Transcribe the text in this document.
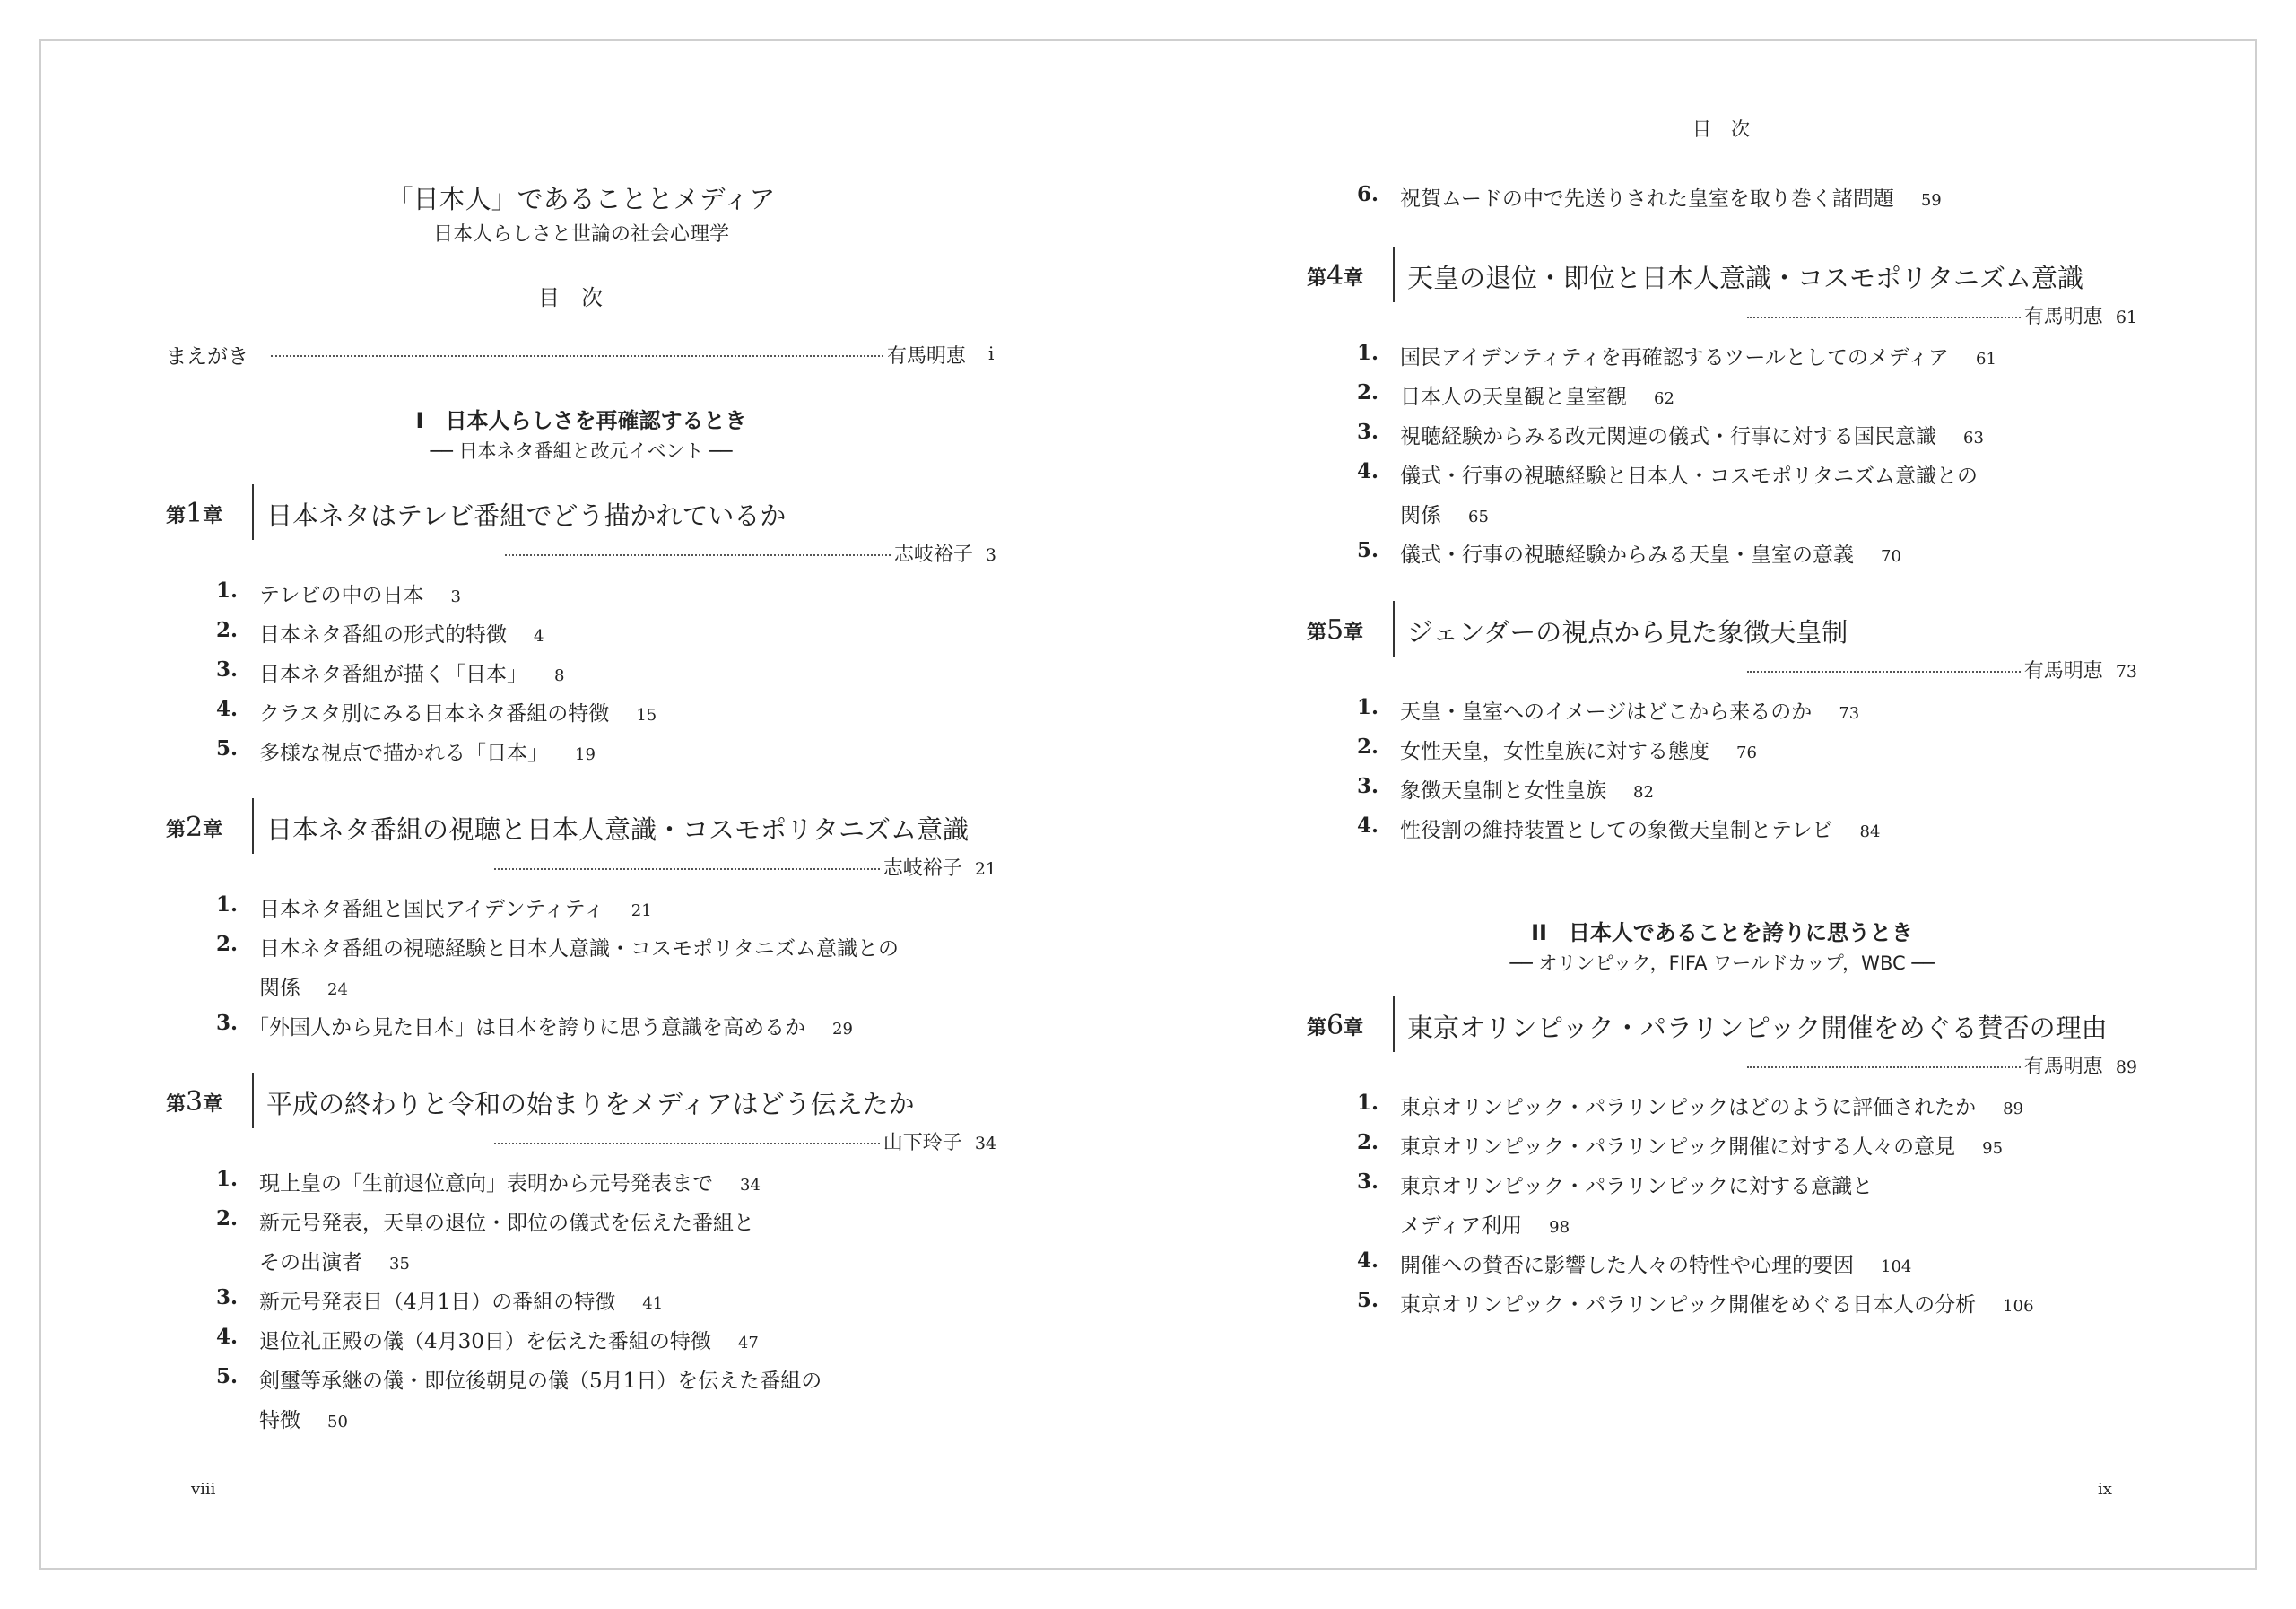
「日本人」であることとメディア
日本人らしさと世論の社会心理学
目次
まえがき	有馬明恵 i
I　日本人らしさを再確認するとき
── 日本ネタ番組と改元イベント ──
第1章 日本ネタはテレビ番組でどう描かれているか
志岐裕子 3
1. テレビの中の日本 3
2. 日本ネタ番組の形式的特徴 4
3. 日本ネタ番組が描く「日本」 8
4. クラスタ別にみる日本ネタ番組の特徴 15
5. 多様な視点で描かれる「日本」 19
第2章 日本ネタ番組の視聴と日本人意識・コスモポリタニズム意識
志岐裕子 21
1. 日本ネタ番組と国民アイデンティティ 21
2. 日本ネタ番組の視聴経験と日本人意識・コスモポリタニズム意識との
関係 24
3. 「外国人から見た日本」は日本を誇りに思う意識を高めるか 29
第3章 平成の終わりと令和の始まりをメディアはどう伝えたか
山下玲子 34
1. 現上皇の「生前退位意向」表明から元号発表まで 34
2. 新元号発表，天皇の退位・即位の儀式を伝えた番組と
その出演者 35
3. 新元号発表日（4月1日）の番組の特徴 41
4. 退位礼正殿の儀（4月30日）を伝えた番組の特徴 47
5. 剣璽等承継の儀・即位後朝見の儀（5月1日）を伝えた番組の
特徴 50
viii
目次
6. 祝賀ムードの中で先送りされた皇室を取り巻く諸問題 59
第4章 天皇の退位・即位と日本人意識・コスモポリタニズム意識
有馬明恵 61
1. 国民アイデンティティを再確認するツールとしてのメディア 61
2. 日本人の天皇観と皇室観 62
3. 視聴経験からみる改元関連の儀式・行事に対する国民意識 63
4. 儀式・行事の視聴経験と日本人・コスモポリタニズム意識との
関係 65
5. 儀式・行事の視聴経験からみる天皇・皇室の意義 70
第5章 ジェンダーの視点から見た象徴天皇制
有馬明恵 73
1. 天皇・皇室へのイメージはどこから来るのか 73
2. 女性天皇，女性皇族に対する態度 76
3. 象徴天皇制と女性皇族 82
4. 性役割の維持装置としての象徴天皇制とテレビ 84
II　日本人であることを誇りに思うとき
── オリンピック，FIFA ワールドカップ，WBC ──
第6章 東京オリンピック・パラリンピック開催をめぐる賛否の理由
有馬明恵 89
1. 東京オリンピック・パラリンピックはどのように評価されたか 89
2. 東京オリンピック・パラリンピック開催に対する人々の意見 95
3. 東京オリンピック・パラリンピックに対する意識と
メディア利用 98
4. 開催への賛否に影響した人々の特性や心理的要因 104
5. 東京オリンピック・パラリンピック開催をめぐる日本人の分析 106
ix
